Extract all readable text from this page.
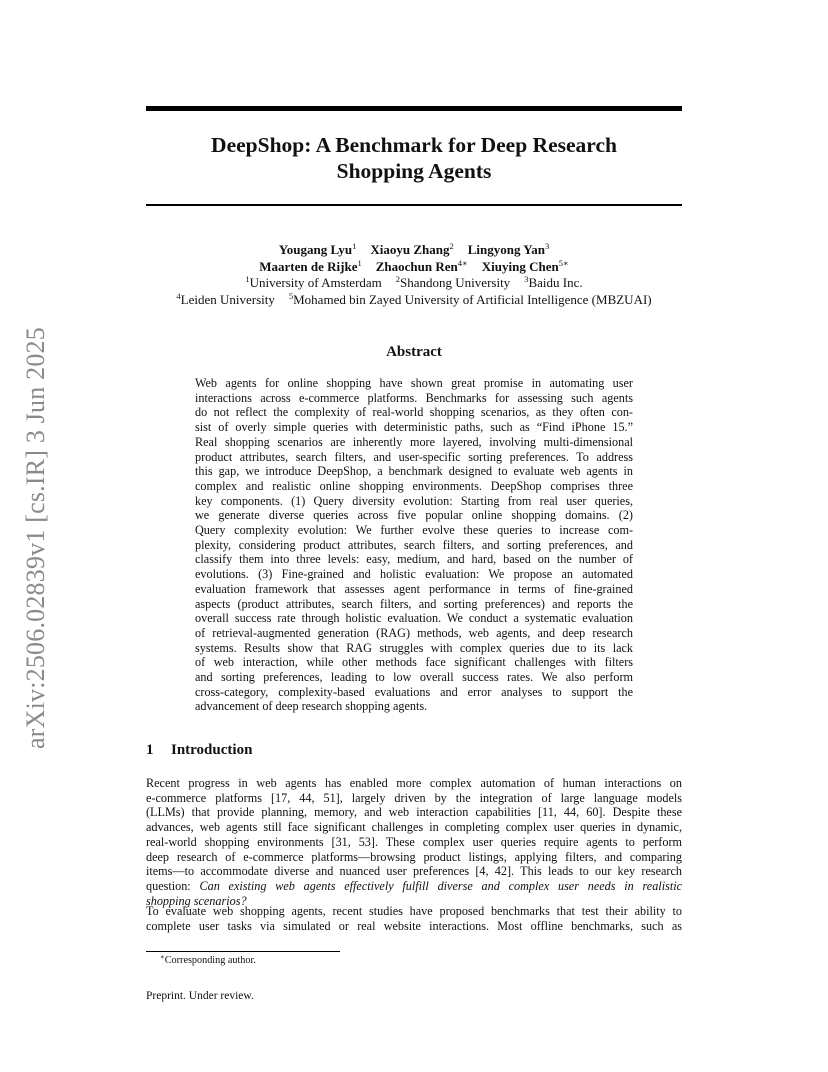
arXiv:2506.02839v1 [cs.IR] 3 Jun 2025
DeepShop: A Benchmark for Deep Research
Shopping Agents
Yougang Lyu$^1$ Xiaoyu Zhang$^2$ Lingyong Yan$^3$
Maarten de Rijke$^1$ Zhaochun Ren$^{4∗}$ Xiuying Chen$^{5∗}$
$^1$University of Amsterdam $^2$Shandong University $^3$Baidu Inc.
$^4$Leiden University $^5$Mohamed bin Zayed University of Artificial Intelligence (MBZUAI)
Abstract
Web agents for online shopping have shown great promise in automating user
interactions across e-commerce platforms. Benchmarks for assessing such agents
do not reflect the complexity of real-world shopping scenarios, as they often con-
sist of overly simple queries with deterministic paths, such as “Find iPhone 15.”
Real shopping scenarios are inherently more layered, involving multi-dimensional
product attributes, search filters, and user-specific sorting preferences. To address
this gap, we introduce DeepShop, a benchmark designed to evaluate web agents in
complex and realistic online shopping environments. DeepShop comprises three
key components. (1) Query diversity evolution: Starting from real user queries,
we generate diverse queries across five popular online shopping domains. (2)
Query complexity evolution: We further evolve these queries to increase com-
plexity, considering product attributes, search filters, and sorting preferences, and
classify them into three levels: easy, medium, and hard, based on the number of
evolutions. (3) Fine-grained and holistic evaluation: We propose an automated
evaluation framework that assesses agent performance in terms of fine-grained
aspects (product attributes, search filters, and sorting preferences) and reports the
overall success rate through holistic evaluation. We conduct a systematic evaluation
of retrieval-augmented generation (RAG) methods, web agents, and deep research
systems. Results show that RAG struggles with complex queries due to its lack
of web interaction, while other methods face significant challenges with filters
and sorting preferences, leading to low overall success rates. We also perform
cross-category, complexity-based evaluations and error analyses to support the
advancement of deep research shopping agents.
1 Introduction
Recent progress in web agents has enabled more complex automation of human interactions on
e-commerce platforms [17, 44, 51], largely driven by the integration of large language models
(LLMs) that provide planning, memory, and web interaction capabilities [11, 44, 60]. Despite these
advances, web agents still face significant challenges in completing complex user queries in dynamic,
real-world shopping environments [31, 53]. These complex user queries require agents to perform
deep research of e-commerce platforms—browsing product listings, applying filters, and comparing
items—to accommodate diverse and nuanced user preferences [4, 42]. This leads to our key research
question: Can existing web agents effectively fulfill diverse and complex user needs in realistic
shopping scenarios?
To evaluate web shopping agents, recent studies have proposed benchmarks that test their ability to
complete user tasks via simulated or real website interactions. Most offline benchmarks, such as
∗Corresponding author.
Preprint. Under review.
